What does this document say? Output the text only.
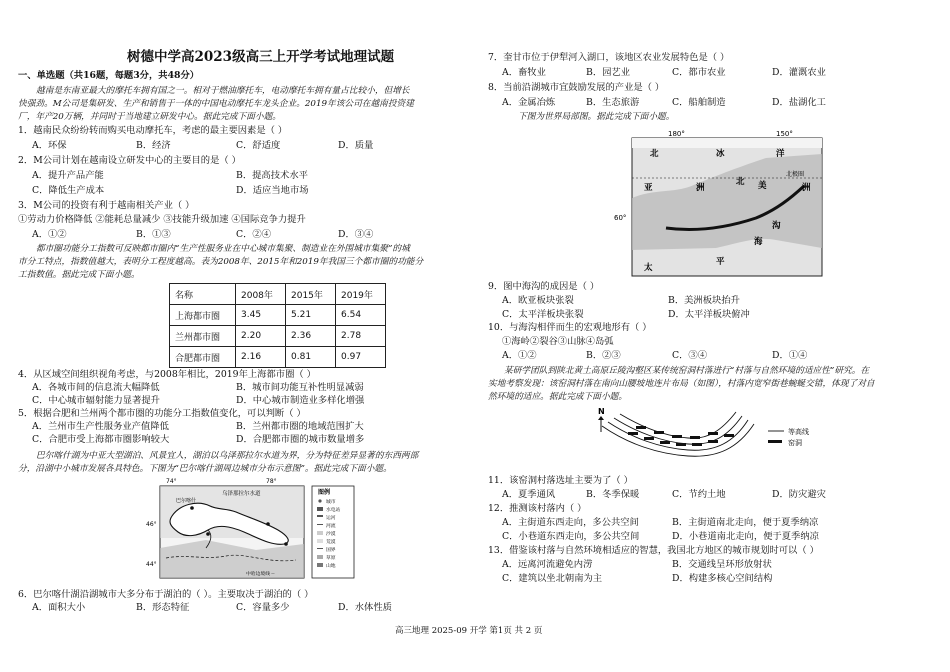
树德中学高2023级高三上开学考试地理试题
一、单选题（共16题，每题3分，共48分）
越南是东南亚最大的摩托车拥有国之一。相对于燃油摩托车，电动摩托车拥有量占比较小，但增长
快强劲。M公司是集研发、生产和销售于一体的中国电动摩托车龙头企业。2019年该公司在越南投资建
厂，年产20万辆，并同时于当地建立研发中心。据此完成下面小题。
1．越南民众纷纷转而购买电动摩托车，考虑的最主要因素是（ ）
A．环保	B．经济	C．舒适度	D．质量
2．M公司计划在越南设立研发中心的主要目的是（ ）
A．提升产品产能	B．提高技术水平
C．降低生产成本	D．适应当地市场
3．M公司的投资有利于越南相关产业（ ）
①劳动力价格降低 ②能耗总量减少 ③技能升级加速 ④国际竞争力提升
A．①②	B．①③	C．②④	D．③④
都市圈功能分工指数可反映都市圈内“生产性服务业在中心城市集聚、制造业在外围城市集聚”的城
市分工特点，指数值越大，表明分工程度越高。表为2008年、2015年和2019年我国三个都市圈的功能分
工指数值。据此完成下面小题。
名称	2008年	2015年	2019年
上海都市圈	3.45	5.21	6.54
兰州都市圈	2.20	2.36	2.78
合肥都市圈	2.16	0.81	0.97
4．从区域空间组织视角考虑，与2008年相比，2019年上海都市圈（ ）
A．各城市间的信息流大幅降低	B．城市间功能互补性明显减弱
C．中心城市辐射能力显著提升	D．中心城市制造业多样化增强
5．根据合肥和兰州两个都市圈的功能分工指数值变化，可以判断（ ）
A．兰州市生产性服务业产值降低	B．兰州都市圈的地域范围扩大
C．合肥市受上海都市圈影响较大	D．合肥都市圈的城市数量增多
巴尔喀什湖为中亚大型湖泊、风景宜人，湖泊以乌泽那拉尔水道为界，分为特征差异显著的东西两部
分，沿湖中小城市发展各具特色。下图为“巴尔喀什湖周边城市分布示意图”。据此完成下面小题。
74°	78°
46°
44°
乌泽那拉尔水道
巴尔喀什
图例
城市
水电站
运河
河流
沙漠
荒漠
国界
草原
山地
中哈边境线 ┄
6．巴尔喀什湖沿湖城市大多分布于湖泊的（ ）。主要取决于湖泊的（ ）
A．面积大小	B．形态特征	C．容量多少	D．水体性质
7．奎甘市位于伊犁河入湖口，该地区农业发展特色是（ ）
A．畜牧业	B．园艺业	C．都市农业	D．灌溉农业
8．当前沿湖城市宜鼓励发展的产业是（ ）
A．金属冶炼	B．生态旅游	C．船舶制造	D．盐湖化工
下图为世界局部图。据此完成下面小题。
180°	150°
60°
北极圈
北	冰	洋
亚	洲
北 美	洲
太
平
海
沟
9．图中海沟的成因是（ ）
A．欧亚板块张裂	B．美洲板块抬升
C．太平洋板块张裂	D．太平洋板块俯冲
10．与海沟相伴而生的宏观地形有（ ）
①海岭②裂谷③山脉④岛弧
A．①②	B．②③	C．③④	D．①④
某研学团队到陕北黄土高原丘陵沟壑区某传统窑洞村落进行“村落与自然环境的适应性”研究。在
实地考察发现：该窑洞村落在南向山腰坡地连片布局（如图），村落内宽窄街巷蜿蜒交错，体现了对自
然环境的适应。据此完成下面小题。
N
等高线
窑洞
11．该窑洞村落选址主要为了（ ）
A．夏季通风	B．冬季保暖	C．节约土地	D．防灾避灾
12．推测该村落内（ ）
A．主街道东西走向，多公共空间	B．主街道南北走向，便于夏季纳凉
C．小巷道东西走向，多公共空间	D．小巷道南北走向，便于夏季纳凉
13．借鉴该村落与自然环境相适应的智慧，我国北方地区的城市规划时可以（ ）
A．远离河流避免内涝	B．交通线呈环形放射状
C．建筑以坐北朝南为主	D．构建多核心空间结构
高三地理 2025-09 开学 第1页 共 2 页
